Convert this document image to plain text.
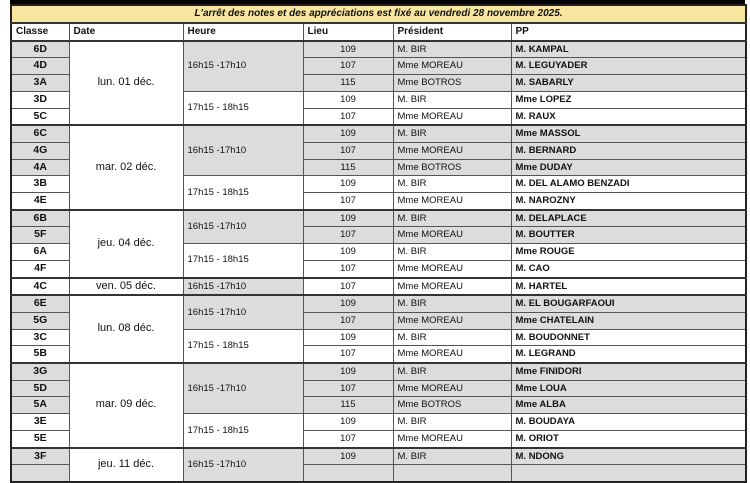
L'arrêt des notes et des appréciations est fixé au vendredi 28 novembre 2025.					
Classe	Date	Heure	Lieu	Président	PP
6D	lun. 01 déc.	16h15 -17h10	109	M. BIR	M. KAMPAL
4D			107	Mme MOREAU	M. LEGUYADER
3A			115	Mme BOTROS	M. SABARLY
3D		17h15 - 18h15	109	M. BIR	Mme LOPEZ
5C			107	Mme MOREAU	M. RAUX
6C	mar. 02 déc.	16h15 -17h10	109	M. BIR	Mme MASSOL
4G			107	Mme MOREAU	M. BERNARD
4A			115	Mme BOTROS	Mme DUDAY
3B		17h15 - 18h15	109	M. BIR	M. DEL ALAMO BENZADI
4E			107	Mme MOREAU	M. NAROZNY
6B	jeu. 04 déc.	16h15 -17h10	109	M. BIR	M. DELAPLACE
5F			107	Mme MOREAU	M. BOUTTER
6A		17h15 - 18h15	109	M. BIR	Mme ROUGE
4F			107	Mme MOREAU	M. CAO
4C	ven. 05 déc.	16h15 -17h10	107	Mme MOREAU	M. HARTEL
6E	lun. 08 déc.	16h15 -17h10	109	M. BIR	M. EL BOUGARFAOUI
5G			107	Mme MOREAU	Mme CHATELAIN
3C		17h15 - 18h15	109	M. BIR	M. BOUDONNET
5B			107	Mme MOREAU	M. LEGRAND
3G	mar. 09 déc.	16h15 -17h10	109	M. BIR	Mme FINIDORI
5D			107	Mme MOREAU	Mme LOUA
5A			115	Mme BOTROS	Mme ALBA
3E		17h15 - 18h15	109	M. BIR	M. BOUDAYA
5E			107	Mme MOREAU	M. ORIOT
3F	jeu. 11 déc.	16h15 -17h10	109	M. BIR	M. NDONG
